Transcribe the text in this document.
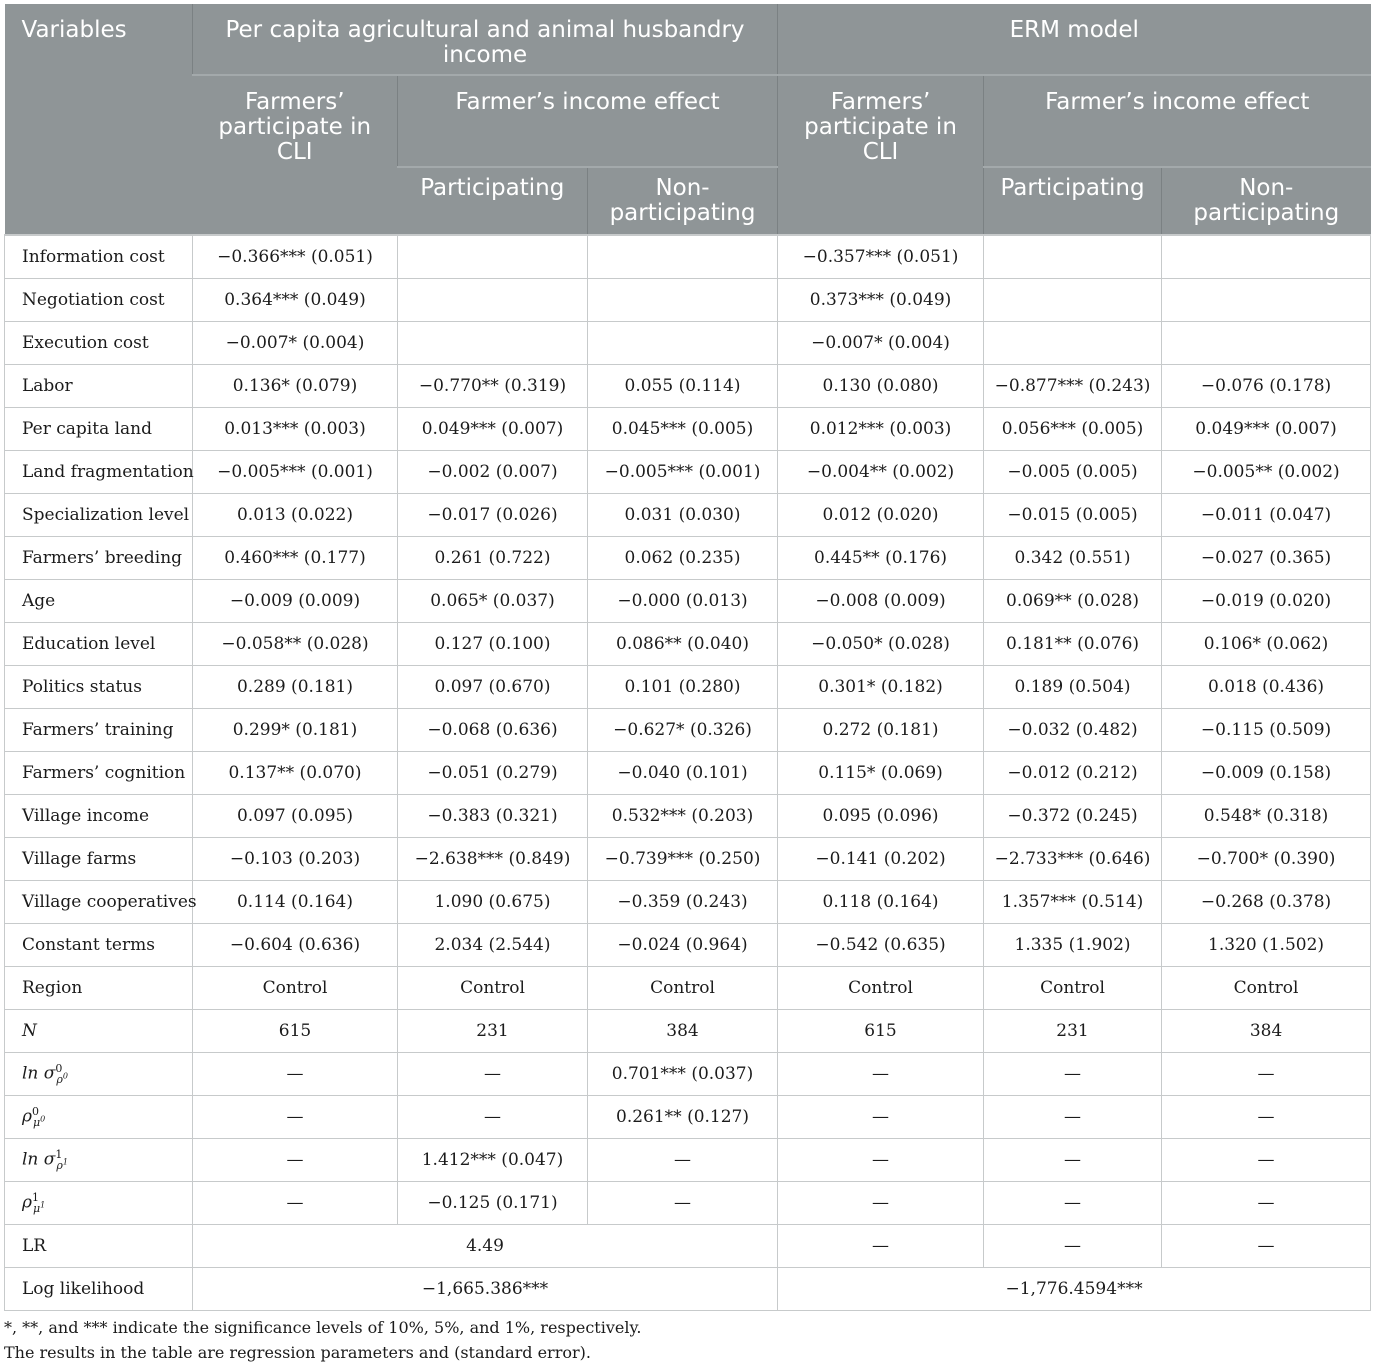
Variables	Per capita agricultural and animal husbandry income			ERM model		

	Farmers’ participate in CLI	Farmer’s income effect		Farmers’ participate in CLI	Farmer’s income effect	

		Participating	Non-participating		Participating	Non-participating

Information cost	−0.366*** (0.051)			−0.357*** (0.051)		
Negotiation cost	0.364*** (0.049)			0.373*** (0.049)		
Execution cost	−0.007* (0.004)			−0.007* (0.004)		
Labor	0.136* (0.079)	−0.770** (0.319)	0.055 (0.114)	0.130 (0.080)	−0.877*** (0.243)	−0.076 (0.178)
Per capita land	0.013*** (0.003)	0.049*** (0.007)	0.045*** (0.005)	0.012*** (0.003)	0.056*** (0.005)	0.049*** (0.007)
Land fragmentation	−0.005*** (0.001)	−0.002 (0.007)	−0.005*** (0.001)	−0.004** (0.002)	−0.005 (0.005)	−0.005** (0.002)
Specialization level	0.013 (0.022)	−0.017 (0.026)	0.031 (0.030)	0.012 (0.020)	−0.015 (0.005)	−0.011 (0.047)
Farmers’ breeding	0.460*** (0.177)	0.261 (0.722)	0.062 (0.235)	0.445** (0.176)	0.342 (0.551)	−0.027 (0.365)
Age	−0.009 (0.009)	0.065* (0.037)	−0.000 (0.013)	−0.008 (0.009)	0.069** (0.028)	−0.019 (0.020)
Education level	−0.058** (0.028)	0.127 (0.100)	0.086** (0.040)	−0.050* (0.028)	0.181** (0.076)	0.106* (0.062)
Politics status	0.289 (0.181)	0.097 (0.670)	0.101 (0.280)	0.301* (0.182)	0.189 (0.504)	0.018 (0.436)
Farmers’ training	0.299* (0.181)	−0.068 (0.636)	−0.627* (0.326)	0.272 (0.181)	−0.032 (0.482)	−0.115 (0.509)
Farmers’ cognition	0.137** (0.070)	−0.051 (0.279)	−0.040 (0.101)	0.115* (0.069)	−0.012 (0.212)	−0.009 (0.158)
Village income	0.097 (0.095)	−0.383 (0.321)	0.532*** (0.203)	0.095 (0.096)	−0.372 (0.245)	0.548* (0.318)
Village farms	−0.103 (0.203)	−2.638*** (0.849)	−0.739*** (0.250)	−0.141 (0.202)	−2.733*** (0.646)	−0.700* (0.390)
Village cooperatives	0.114 (0.164)	1.090 (0.675)	−0.359 (0.243)	0.118 (0.164)	1.357*** (0.514)	−0.268 (0.378)
Constant terms	−0.604 (0.636)	2.034 (2.544)	−0.024 (0.964)	−0.542 (0.635)	1.335 (1.902)	1.320 (1.502)
Region	Control	Control	Control	Control	Control	Control
N	615	231	384	615	231	384
$\ln \sigma^0_{\rho^0}$	—	—	0.701*** (0.037)	—	—	—
$\rho^0_{\mu^0}$	—	—	0.261** (0.127)	—	—	—
$\ln \sigma^1_{\rho^1}$	—	1.412*** (0.047)	—	—	—	—
$\rho^1_{\mu^1}$	—	−0.125 (0.171)	—	—	—	—
LR	4.49			—	—	—
Log likelihood	−1,665.386***			−1,776.4594***		
*, **, and *** indicate the significance levels of 10%, 5%, and 1%, respectively.
The results in the table are regression parameters and (standard error).
